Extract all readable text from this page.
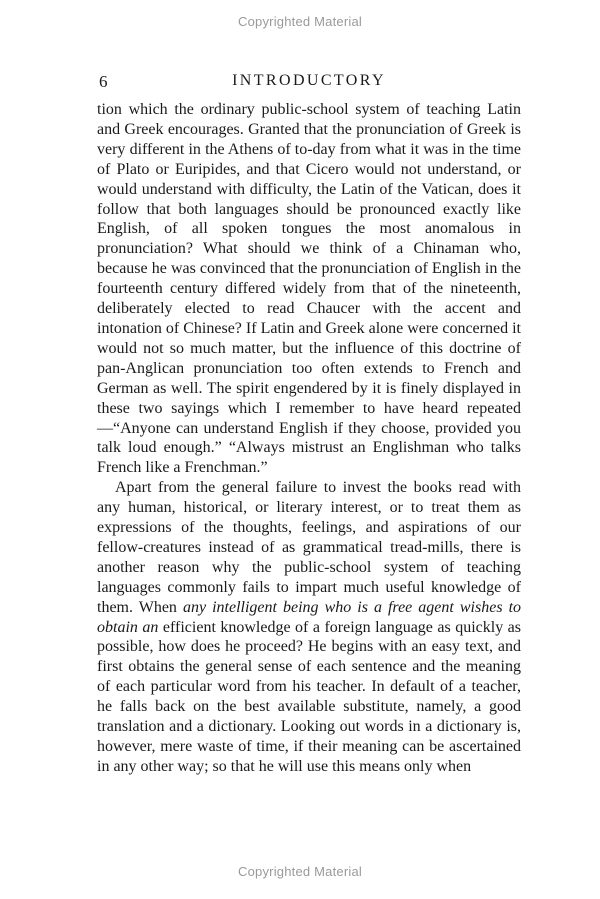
Copyrighted Material
6	INTRODUCTORY

tion which the ordinary public-school system of teaching Latin and Greek encourages. Granted that the pronunciation of Greek is very different in the Athens of to-day from what it was in the time of Plato or Euripides, and that Cicero would not understand, or would understand with difficulty, the Latin of the Vatican, does it follow that both languages should be pronounced exactly like English, of all spoken tongues the most anomalous in pronunciation? What should we think of a Chinaman who, because he was convinced that the pronunciation of English in the fourteenth century differed widely from that of the nineteenth, deliberately elected to read Chaucer with the accent and intonation of Chinese? If Latin and Greek alone were concerned it would not so much matter, but the influence of this doctrine of pan-Anglican pronunciation too often extends to French and German as well. The spirit engendered by it is finely displayed in these two sayings which I remember to have heard repeated—“Anyone can understand English if they choose, provided you talk loud enough.” “Always mistrust an Englishman who talks French like a Frenchman.”

Apart from the general failure to invest the books read with any human, historical, or literary interest, or to treat them as expressions of the thoughts, feelings, and aspirations of our fellow-creatures instead of as grammatical tread-mills, there is another reason why the public-school system of teaching languages commonly fails to impart much useful knowledge of them. When any intelligent being who is a free agent wishes to obtain an efficient knowledge of a foreign language as quickly as possible, how does he proceed? He begins with an easy text, and first obtains the general sense of each sentence and the meaning of each particular word from his teacher. In default of a teacher, he falls back on the best available substitute, namely, a good translation and a dictionary. Looking out words in a dictionary is, however, mere waste of time, if their meaning can be ascertained in any other way; so that he will use this means only when

Copyrighted Material
